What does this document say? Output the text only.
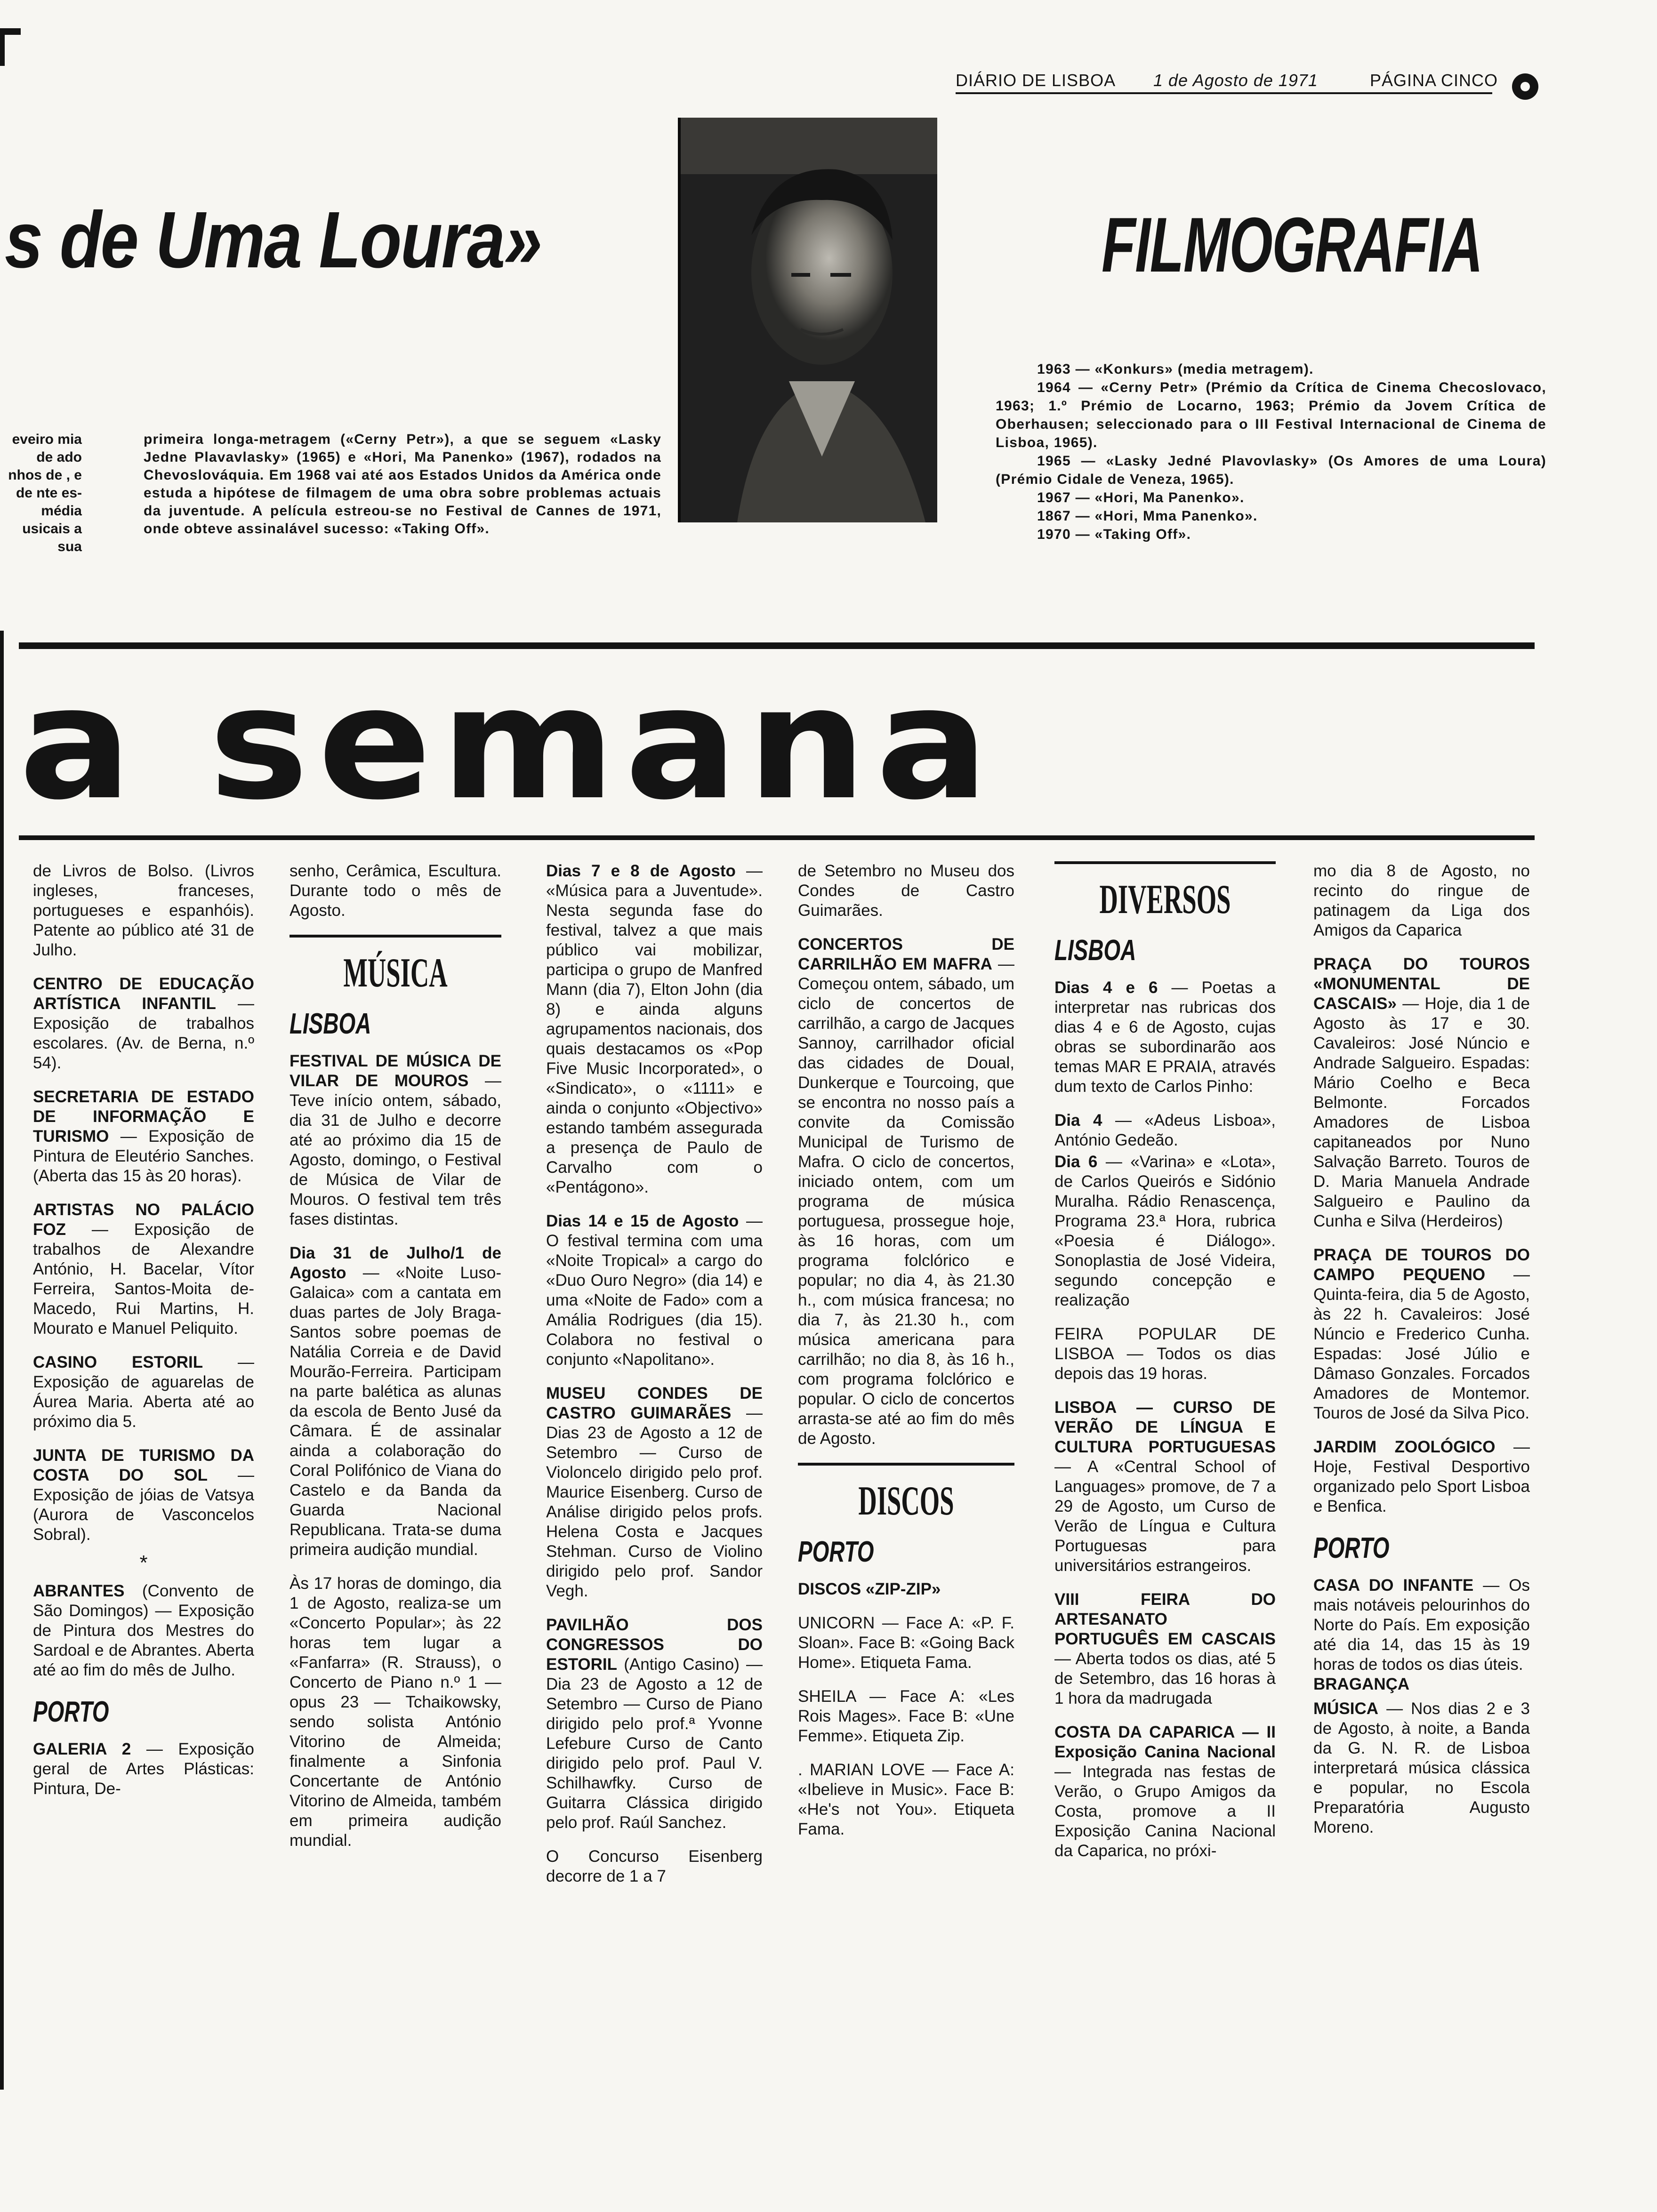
DIÁRIO DE LISBOA 1 de Agosto de 1971	PÁGINA CINCO
s de Uma Loura»	FILMOGRAFIA
eveiro mia de ado nhos de , e de nte es- média usicais a sua
primeira longa-metragem («Cerny Petr»), a que se seguem «Lasky Jedne Plavavlasky» (1965) e «Hori, Ma Panenko» (1967), rodados na Chevoslováquia. Em 1968 vai até aos Estados Unidos da América onde estuda a hipótese de filmagem de uma obra sobre problemas actuais da juventude. A película estreou-se no Festival de Cannes de 1971, onde obteve assinalável sucesso: «Taking Off».

1963 — «Konkurs» (media metragem).

1964 — «Cerny Petr» (Prémio da Crítica de Cinema Checoslovaco, 1963; 1.º Prémio de Locarno, 1963; Prémio da Jovem Crítica de Oberhausen; seleccionado para o III Festival Internacional de Cinema de Lisboa, 1965).

1965 — «Lasky Jedné Plavovlasky» (Os Amores de uma Loura) (Prémio Cidale de Veneza, 1965).

1967 — «Hori, Ma Panenko».

1867 — «Hori, Mma Panenko».

1970 — «Taking Off».

a semana

de Livros de Bolso. (Livros ingleses, franceses, portugueses e espanhóis). Patente ao público até 31 de Julho.

CENTRO DE EDUCAÇÃO ARTÍSTICA INFANTIL — Exposição de trabalhos escolares. (Av. de Berna, n.º 54).

SECRETARIA DE ESTADO DE INFORMAÇÃO E TURISMO — Exposição de Pintura de Eleutério Sanches. (Aberta das 15 às 20 horas).

ARTISTAS NO PALÁCIO FOZ — Exposição de trabalhos de Alexandre António, H. Bacelar, Vítor Ferreira, Santos-Moita de-Macedo, Rui Martins, H. Mourato e Manuel Peliquito.

CASINO ESTORIL — Exposição de aguarelas de Áurea Maria. Aberta até ao próximo dia 5.

JUNTA DE TURISMO DA COSTA DO SOL — Exposição de jóias de Vatsya (Aurora de Vasconcelos Sobral).

*

ABRANTES (Convento de São Domingos) — Exposição de Pintura dos Mestres do Sardoal e de Abrantes. Aberta até ao fim do mês de Julho.

PORTO

GALERIA 2 — Exposição geral de Artes Plásticas: Pintura, De-

senho, Cerâmica, Escultura. Durante todo o mês de Agosto.

MÚSICA
LISBOA

FESTIVAL DE MÚSICA DE VILAR DE MOUROS — Teve início ontem, sábado, dia 31 de Julho e decorre até ao próximo dia 15 de Agosto, domingo, o Festival de Música de Vilar de Mouros. O festival tem três fases distintas.

Dia 31 de Julho/1 de Agosto — «Noite Luso-Galaica» com a cantata em duas partes de Joly Braga-Santos sobre poemas de Natália Correia e de David Mourão-Ferreira. Participam na parte balética as alunas da escola de Bento Jusé da Câmara. É de assinalar ainda a colaboração do Coral Polifónico de Viana do Castelo e da Banda da Guarda Nacional Republicana. Trata-se duma primeira audição mundial.

Às 17 horas de domingo, dia 1 de Agosto, realiza-se um «Concerto Popular»; às 22 horas tem lugar a «Fanfarra» (R. Strauss), o Concerto de Piano n.º 1 — opus 23 — Tchaikowsky, sendo solista António Vitorino de Almeida; finalmente a Sinfonia Concertante de António Vitorino de Almeida, também em primeira audição mundial.

Dias 7 e 8 de Agosto — «Música para a Juventude». Nesta segunda fase do festival, talvez a que mais público vai mobilizar, participa o grupo de Manfred Mann (dia 7), Elton John (dia 8) e ainda alguns agrupamentos nacionais, dos quais destacamos os «Pop Five Music Incorporated», o «Sindicato», o «1111» e ainda o conjunto «Objectivo» estando também assegurada a presença de Paulo de Carvalho com o «Pentágono».

Dias 14 e 15 de Agosto — O festival termina com uma «Noite Tropical» a cargo do «Duo Ouro Negro» (dia 14) e uma «Noite de Fado» com a Amália Rodrigues (dia 15). Colabora no festival o conjunto «Napolitano».

MUSEU CONDES DE CASTRO GUIMARÃES — Dias 23 de Agosto a 12 de Setembro — Curso de Violoncelo dirigido pelo prof. Maurice Eisenberg. Curso de Análise dirigido pelos profs. Helena Costa e Jacques Stehman. Curso de Violino dirigido pelo prof. Sandor Vegh.

PAVILHÃO DOS CONGRESSOS DO ESTORIL (Antigo Casino) — Dia 23 de Agosto a 12 de Setembro — Curso de Piano dirigido pelo prof.ª Yvonne Lefebure Curso de Canto dirigido pelo prof. Paul V. Schilhawfky. Curso de Guitarra Clássica dirigido pelo prof. Raúl Sanchez.

O Concurso Eisenberg decorre de 1 a 7

de Setembro no Museu dos Condes de Castro Guimarães.

CONCERTOS DE CARRILHÃO EM MAFRA — Começou ontem, sábado, um ciclo de concertos de carrilhão, a cargo de Jacques Sannoy, carrilhador oficial das cidades de Doual, Dunkerque e Tourcoing, que se encontra no nosso país a convite da Comissão Municipal de Turismo de Mafra. O ciclo de concertos, iniciado ontem, com um programa de música portuguesa, prossegue hoje, às 16 horas, com um programa folclórico e popular; no dia 4, às 21.30 h., com música francesa; no dia 7, às 21.30 h., com música americana para carrilhão; no dia 8, às 16 h., com programa folclórico e popular. O ciclo de concertos arrasta-se até ao fim do mês de Agosto.

DISCOS
PORTO

DISCOS «ZIP-ZIP»

UNICORN — Face A: «P. F. Sloan». Face B: «Going Back Home». Etiqueta Fama.

SHEILA — Face A: «Les Rois Mages». Face B: «Une Femme». Etiqueta Zip.

. MARIAN LOVE — Face A: «Ibelieve in Music». Face B: «He's not You». Etiqueta Fama.

DIVERSOS
LISBOA

Dias 4 e 6 — Poetas a interpretar nas rubricas dos dias 4 e 6 de Agosto, cujas obras se subordinarão aos temas MAR E PRAIA, através dum texto de Carlos Pinho:

Dia 4 — «Adeus Lisboa», António Gedeão.

Dia 6 — «Varina» e «Lota», de Carlos Queirós e Sidónio Muralha. Rádio Renascença, Programa 23.ª Hora, rubrica «Poesia é Diálogo». Sonoplastia de José Videira, segundo concepção e realização

FEIRA POPULAR DE LISBOA — Todos os dias depois das 19 horas.

LISBOA — CURSO DE VERÃO DE LÍNGUA E CULTURA PORTUGUESAS — A «Central School of Languages» promove, de 7 a 29 de Agosto, um Curso de Verão de Língua e Cultura Portuguesas para universitários estrangeiros.

VIII FEIRA DO ARTESANATO PORTUGUÊS EM CASCAIS — Aberta todos os dias, até 5 de Setembro, das 16 horas à 1 hora da madrugada

COSTA DA CAPARICA — II Exposição Canina Nacional — Integrada nas festas de Verão, o Grupo Amigos da Costa, promove a II Exposição Canina Nacional da Caparica, no próxi-

mo dia 8 de Agosto, no recinto do ringue de patinagem da Liga dos Amigos da Caparica

PRAÇA DO TOUROS «MONUMENTAL DE CASCAIS» — Hoje, dia 1 de Agosto às 17 e 30. Cavaleiros: José Núncio e Andrade Salgueiro. Espadas: Mário Coelho e Beca Belmonte. Forcados Amadores de Lisboa capitaneados por Nuno Salvação Barreto. Touros de D. Maria Manuela Andrade Salgueiro e Paulino da Cunha e Silva (Herdeiros)

PRAÇA DE TOUROS DO CAMPO PEQUENO — Quinta-feira, dia 5 de Agosto, às 22 h. Cavaleiros: José Núncio e Frederico Cunha. Espadas: José Júlio e Dâmaso Gonzales. Forcados Amadores de Montemor. Touros de José da Silva Pico.

JARDIM ZOOLÓGICO — Hoje, Festival Desportivo organizado pelo Sport Lisboa e Benfica.

PORTO

CASA DO INFANTE — Os mais notáveis pelourinhos do Norte do País. Em exposição até dia 14, das 15 às 19 horas de todos os dias úteis.

BRAGANÇA

MÚSICA — Nos dias 2 e 3 de Agosto, à noite, a Banda da G. N. R. de Lisboa interpretará música clássica e popular, no Escola Preparatória Augusto Moreno.
